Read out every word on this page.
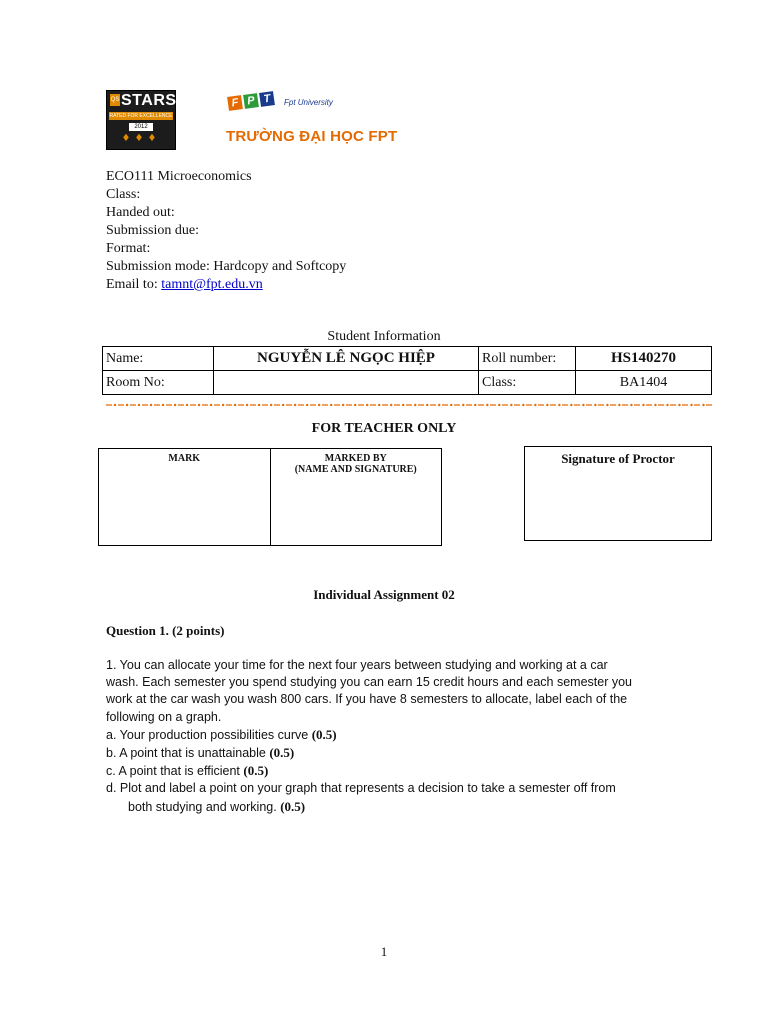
QS STARS
RATED FOR EXCELLENCE
2012
♦♦♦
F P T	Fpt University
TRƯỜNG ĐẠI HỌC FPT
ECO111 Microeconomics
Class:
Handed out:
Submission due:
Format:
Submission mode: Hardcopy and Softcopy
Email to: tamnt@fpt.edu.vn
Student Information
Name:	NGUYỄN LÊ NGỌC HIỆP	Roll number:	HS140270
Room No:		Class:	BA1404
FOR TEACHER ONLY
MARK	MARKED BY
(NAME AND SIGNATURE)
Signature of Proctor
Individual Assignment 02
Question 1. (2 points)
1. You can allocate your time for the next four years between studying and working at a car
wash. Each semester you spend studying you can earn 15 credit hours and each semester you
work at the car wash you wash 800 cars. If you have 8 semesters to allocate, label each of the
following on a graph.
a. Your production possibilities curve (0.5)
b. A point that is unattainable (0.5)
c. A point that is efficient (0.5)
d. Plot and label a point on your graph that represents a decision to take a semester off from
both studying and working. (0.5)
1
